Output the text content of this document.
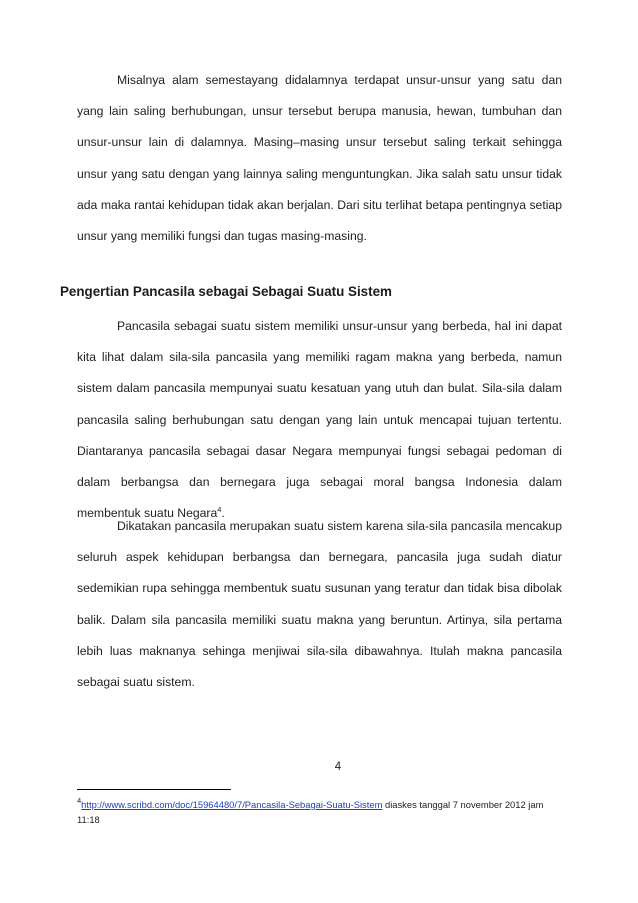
Misalnya alam semestayang didalamnya terdapat unsur-unsur yang satu dan yang lain saling berhubungan, unsur tersebut berupa manusia, hewan, tumbuhan dan unsur-unsur lain di dalamnya. Masing–masing unsur tersebut saling terkait sehingga unsur yang satu dengan yang lainnya saling menguntungkan. Jika salah satu unsur tidak ada maka rantai kehidupan tidak akan berjalan. Dari situ terlihat betapa pentingnya setiap unsur yang memiliki fungsi dan tugas masing-masing.

Pengertian Pancasila sebagai Sebagai Suatu Sistem

Pancasila sebagai suatu sistem memiliki unsur-unsur yang berbeda, hal ini dapat kita lihat dalam sila-sila pancasila yang memiliki ragam makna yang berbeda, namun sistem dalam pancasila mempunyai suatu kesatuan yang utuh dan bulat. Sila-sila dalam pancasila saling berhubungan satu dengan yang lain untuk mencapai tujuan tertentu. Diantaranya pancasila sebagai dasar Negara mempunyai fungsi sebagai pedoman di dalam berbangsa dan bernegara juga sebagai moral bangsa Indonesia dalam membentuk suatu Negara$^4$.

Dikatakan pancasila merupakan suatu sistem karena sila-sila pancasila mencakup seluruh aspek kehidupan berbangsa dan bernegara, pancasila juga sudah diatur sedemikian rupa sehingga membentuk suatu susunan yang teratur dan tidak bisa dibolak balik. Dalam sila pancasila memiliki suatu makna yang beruntun. Artinya, sila pertama lebih luas maknanya sehinga menjiwai sila-sila dibawahnya. Itulah makna pancasila sebagai suatu sistem.

4
$^4$http://www.scribd.com/doc/15964480/7/Pancasila-Sebagai-Suatu-Sistem diaskes tanggal 7 november 2012 jam 11:18
